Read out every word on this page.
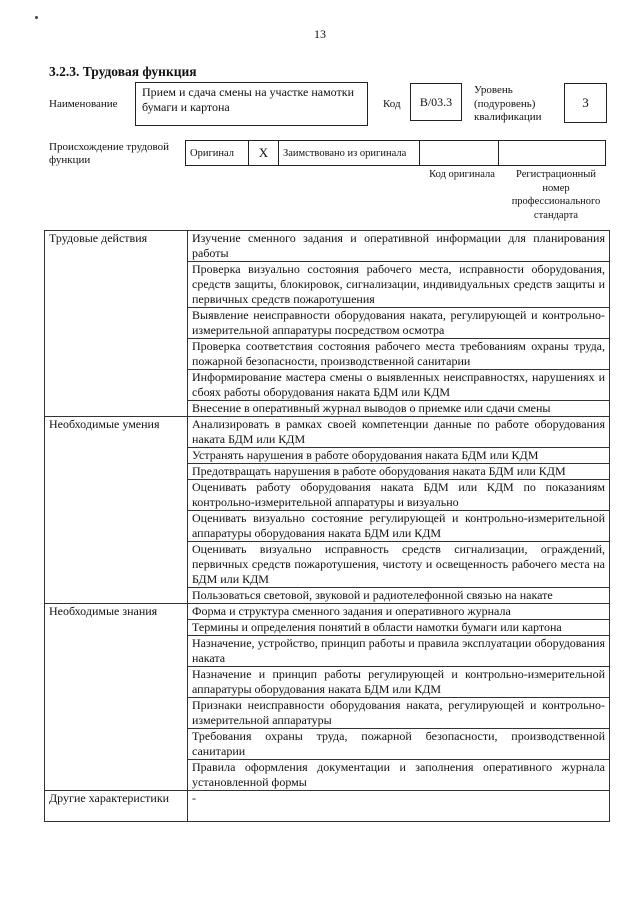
13
3.2.3. Трудовая функция
Наименование
Прием и сдача смены на участке намотки бумаги и картона	Код	B/03.3
Уровень (подуровень) квалификации
3
Происхождение трудовой функции
Оригинал	X	Заимствовано из оригинала
Код оригинала	Регистрационный номер профессионального стандарта
Трудовые действия	Изучение сменного задания и оперативной информации для планирования работы
	Проверка визуально состояния рабочего места, исправности оборудования, средств защиты, блокировок, сигнализации, индивидуальных средств защиты и первичных средств пожаротушения
	Выявление неисправности оборудования наката, регулирующей и контрольно-измерительной аппаратуры посредством осмотра
	Проверка соответствия состояния рабочего места требованиям охраны труда, пожарной безопасности, производственной санитарии
	Информирование мастера смены о выявленных неисправностях, нарушениях и сбоях работы оборудования наката БДМ или КДМ
	Внесение в оперативный журнал выводов о приемке или сдачи смены
Необходимые умения	Анализировать в рамках своей компетенции данные по работе оборудования наката БДМ или КДМ
	Устранять нарушения в работе оборудования наката БДМ или КДМ
	Предотвращать нарушения в работе оборудования наката БДМ или КДМ
	Оценивать работу оборудования наката БДМ или КДМ по показаниям контрольно-измерительной аппаратуры и визуально
	Оценивать визуально состояние регулирующей и контрольно-измерительной аппаратуры оборудования наката БДМ или КДМ
	Оценивать визуально исправность средств сигнализации, ограждений, первичных средств пожаротушения, чистоту и освещенность рабочего места на БДМ или КДМ
	Пользоваться световой, звуковой и радиотелефонной связью на накате
Необходимые знания	Форма и структура сменного задания и оперативного журнала
	Термины и определения понятий в области намотки бумаги или картона
	Назначение, устройство, принцип работы и правила эксплуатации оборудования наката
	Назначение и принцип работы регулирующей и контрольно-измерительной аппаратуры оборудования наката БДМ или КДМ
	Признаки неисправности оборудования наката, регулирующей и контрольно-измерительной аппаратуры
	Требования охраны труда, пожарной безопасности, производственной санитарии
	Правила оформления документации и заполнения оперативного журнала установленной формы
Другие характеристики	-
